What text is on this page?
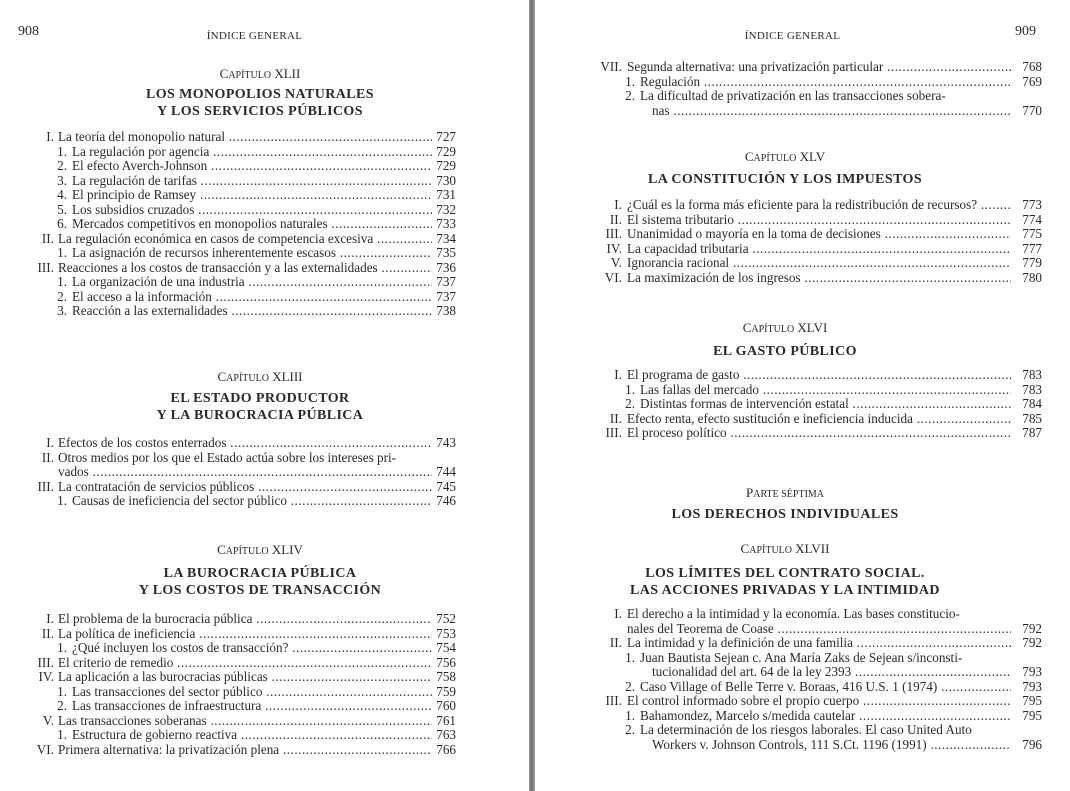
908	ÍNDICE GENERAL
CAPÍTULO XLII
LOS MONOPOLIOS NATURALES
Y LOS SERVICIOS PÚBLICOS
I. La teoría del monopolio natural .....	727
1. La regulación por agencia .....	729
2. El efecto Averch-Johnson .....	729
3. La regulación de tarifas .....	730
4. El principio de Ramsey .....	731
5. Los subsidios cruzados .....	732
6. Mercados competitivos en monopolios naturales .....	733
II. La regulación económica en casos de competencia excesiva .....	734
1. La asignación de recursos inherentemente escasos .....	735
III. Reacciones a los costos de transacción y a las externalidades .....	736
1. La organización de una industria .....	737
2. El acceso a la información .....	737
3. Reacción a las externalidades .....	738
CAPÍTULO XLIII
EL ESTADO PRODUCTOR
Y LA BUROCRACIA PÚBLICA
I. Efectos de los costos enterrados .....	743
II. Otros medios por los que el Estado actúa sobre los intereses pri-
vados .....	744
III. La contratación de servicios públicos .....	745
1. Causas de ineficiencia del sector público .....	746
CAPÍTULO XLIV
LA BUROCRACIA PÚBLICA
Y LOS COSTOS DE TRANSACCIÓN
I. El problema de la burocracia pública .....	752
II. La política de ineficiencia .....	753
1. ¿Qué incluyen los costos de transacción? .....	754
III. El criterio de remedio .....	756
IV. La aplicación a las burocracias públicas .....	758
1. Las transacciones del sector público .....	759
2. Las transacciones de infraestructura .....	760
V. Las transacciones soberanas .....	761
1. Estructura de gobierno reactiva .....	763
VI. Primera alternativa: la privatización plena .....	766
ÍNDICE GENERAL	909
VII. Segunda alternativa: una privatización particular .....	768
1. Regulación .....	769
2. La dificultad de privatización en las transacciones sobera-
nas .....	770
CAPÍTULO XLV
LA CONSTITUCIÓN Y LOS IMPUESTOS
I. ¿Cuál es la forma más eficiente para la redistribución de recursos? .....	773
II. El sistema tributario .....	774
III. Unanimidad o mayoría en la toma de decisiones .....	775
IV. La capacidad tributaria .....	777
V. Ignorancia racional .....	779
VI. La maximización de los ingresos .....	780
CAPÍTULO XLVI
EL GASTO PÚBLICO
I. El programa de gasto .....	783
1. Las fallas del mercado .....	783
2. Distintas formas de intervención estatal .....	784
II. Efecto renta, efecto sustitución e ineficiencia inducida .....	785
III. El proceso político .....	787
PARTE SÉPTIMA
LOS DERECHOS INDIVIDUALES
CAPÍTULO XLVII
LOS LÍMITES DEL CONTRATO SOCIAL.
LAS ACCIONES PRIVADAS Y LA INTIMIDAD
I. El derecho a la intimidad y la economía. Las bases constitucio-
nales del Teorema de Coase .....	792
II. La intimidad y la definición de una familia .....	792
1. Juan Bautista Sejean c. Ana María Zaks de Sejean s/inconsti-
tucionalidad del art. 64 de la ley 2393 .....	793
2. Caso Village of Belle Terre v. Boraas, 416 U.S. 1 (1974) .....	793
III. El control informado sobre el propio cuerpo .....	795
1. Bahamondez, Marcelo s/medida cautelar .....	795
2. La determinación de los riesgos laborales. El caso United Auto
Workers v. Johnson Controls, 111 S.Ct. 1196 (1991) .....	796
